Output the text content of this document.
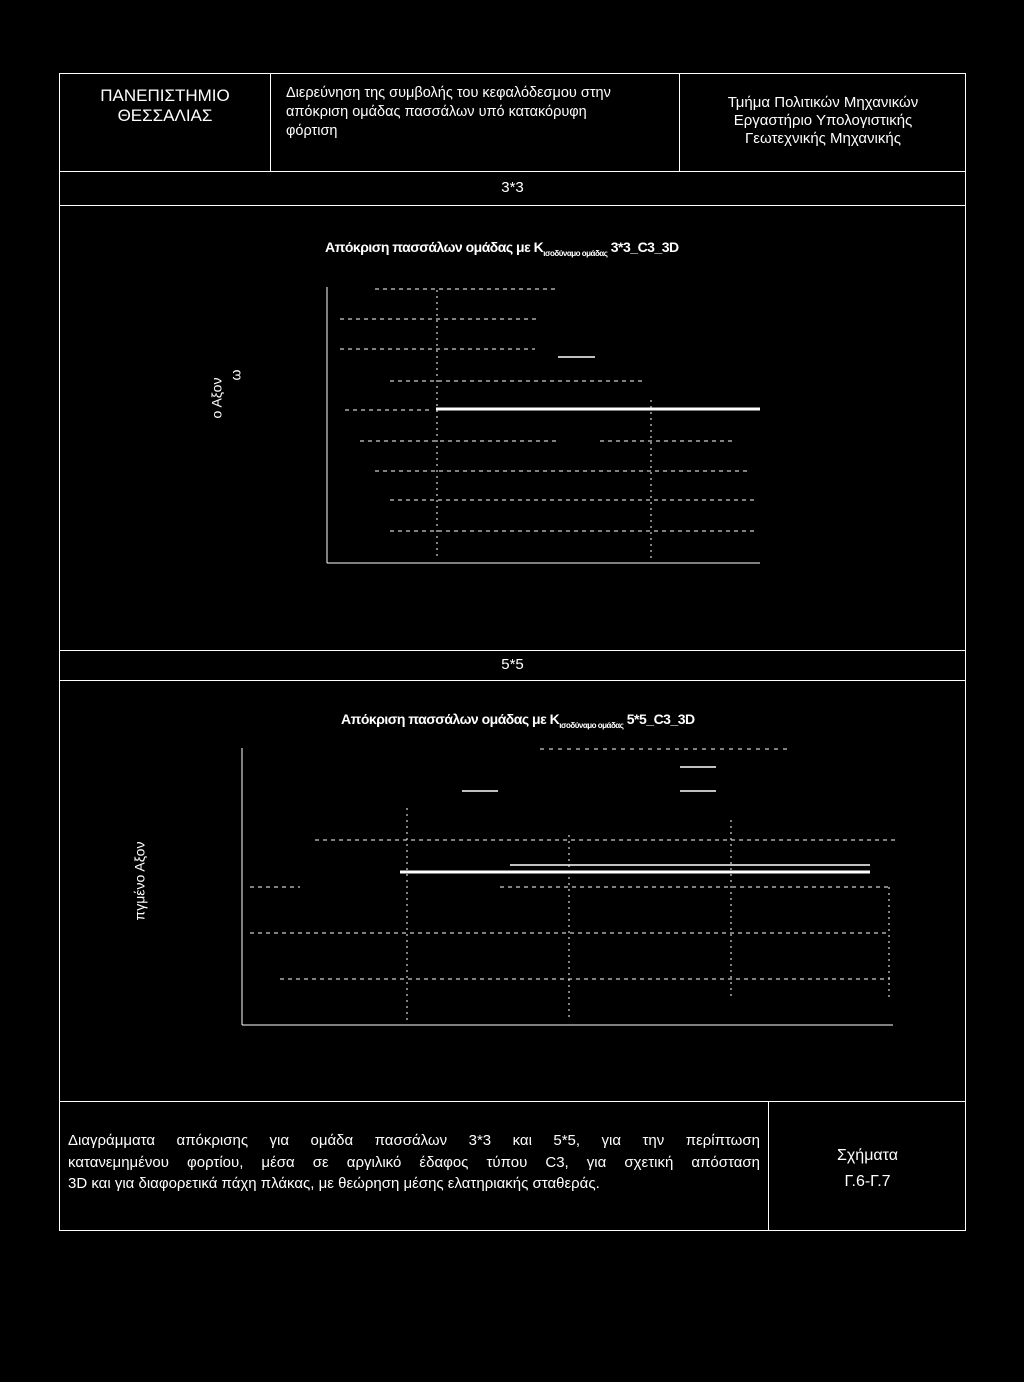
ΠΑΝΕΠΙΣΤΗΜΙΟ
ΘΕΣΣΑΛΙΑΣ
Διερεύνηση της συμβολής του κεφαλόδεσμου στην
απόκριση ομάδας πασσάλων υπό κατακόρυφη
φόρτιση
Τμήμα Πολιτικών Μηχανικών
Εργαστήριο Υπολογιστικής
Γεωτεχνικής Μηχανικής
3*3
Απόκριση πασσάλων ομάδας με $K_{\iota\sigma o\delta ύ\nu\alpha\mu o o\mu ά\delta\alpha\varsigma}$ 3*3_C3_3D
ο Αξον
ω
5*5
Απόκριση πασσάλων ομάδας με $K_{\iota\sigma o\delta ύ\nu\alpha\mu o o\mu ά\delta\alpha\varsigma}$ 5*5_C3_3D
πγμένο Αξον
Διαγράμματα απόκρισης για ομάδα πασσάλων 3*3 και 5*5, για την περίπτωση
κατανεμημένου φορτίου, μέσα σε αργιλικό έδαφος τύπου C3, για σχετική απόσταση
3D και για διαφορετικά πάχη πλάκας, με θεώρηση μέσης ελατηριακής σταθεράς.
Σχήματα
Γ.6-Γ.7
